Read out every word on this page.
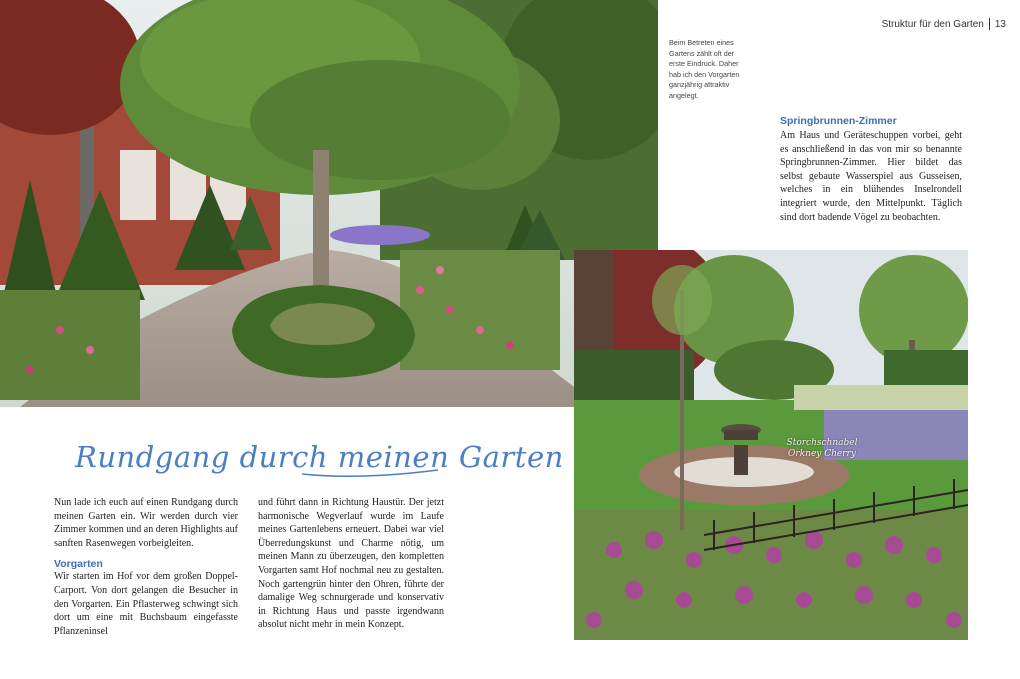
Storchschnabel
Orkney Cherry
Struktur für den Garten 13
Beim Betreten eines Gartens zählt oft der erste Eindruck. Daher hab ich den Vorgarten ganzjährig attraktiv angelegt.
Springbrunnen-Zimmer

Am Haus und Geräteschuppen vorbei, geht es anschließend in das von mir so benannte Springbrunnen-Zimmer. Hier bildet das selbst gebaute Wasserspiel aus Gusseisen, welches in ein blühendes Inselrondell integriert wurde, den Mittelpunkt. Täglich sind dort badende Vögel zu beobachten.

Rundgang durch meinen Garten

Nun lade ich euch auf einen Rundgang durch meinen Garten ein. Wir werden durch vier Zimmer kommen und an deren Highlights auf sanften Rasenwegen vorbeigleiten.

Vorgarten

Wir starten im Hof vor dem großen Doppel-Carport. Von dort gelangen die Besucher in den Vorgarten. Ein Pflasterweg schwingt sich dort um eine mit Buchsbaum eingefasste Pflanzeninsel

und führt dann in Richtung Haustür. Der jetzt harmonische Wegverlauf wurde im Laufe meines Gartenlebens erneuert. Dabei war viel Überredungskunst und Charme nötig, um meinen Mann zu überzeugen, den kompletten Vorgarten samt Hof nochmal neu zu gestalten. Noch gartengrün hinter den Ohren, führte der damalige Weg schnurgerade und konservativ in Richtung Haus und passte irgendwann absolut nicht mehr in mein Konzept.
